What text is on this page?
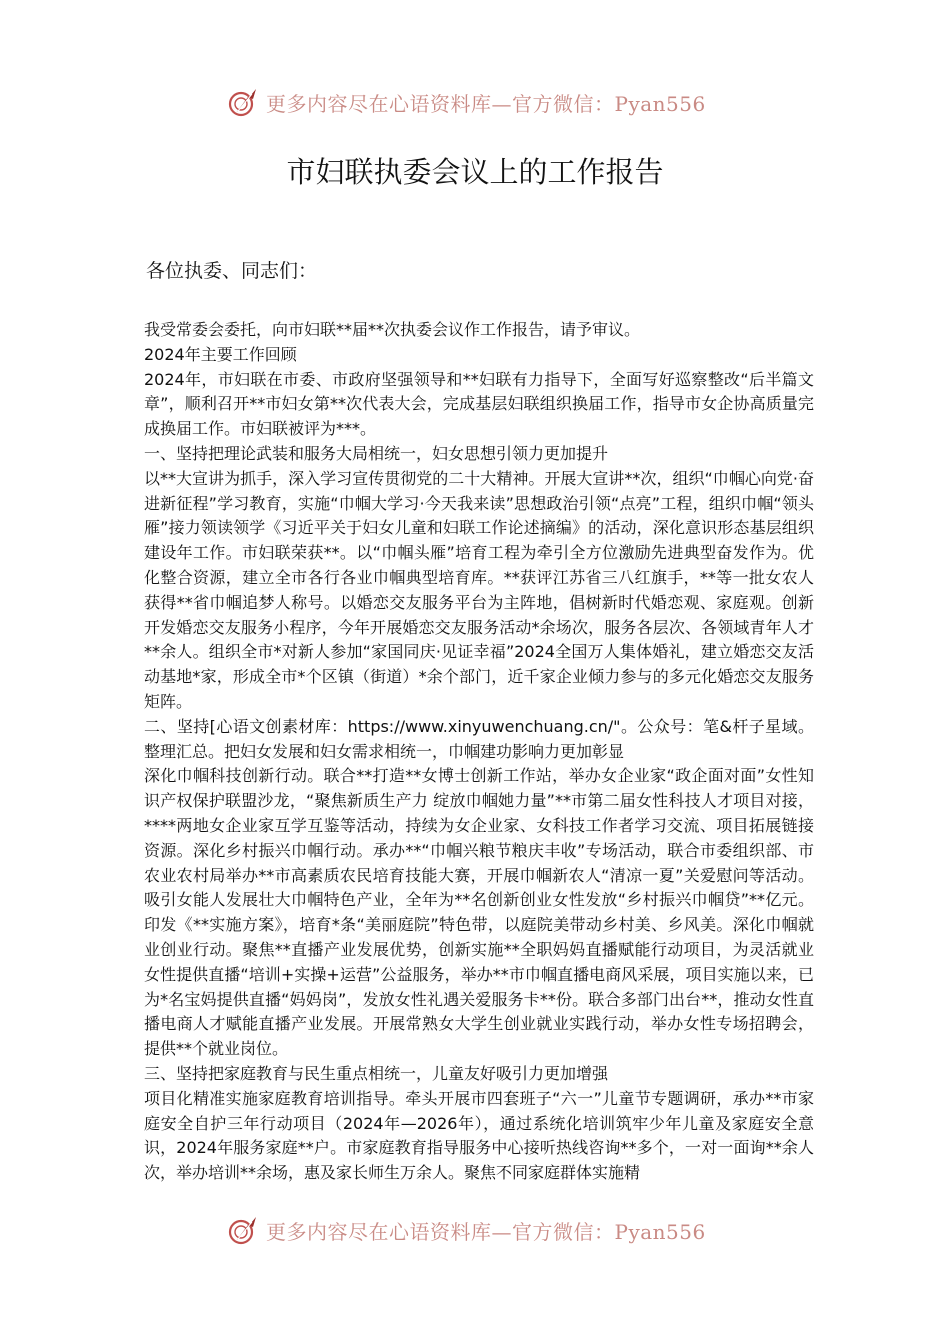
更多内容尽在心语资料库—官方微信：Pyan556
市妇联执委会议上的工作报告
各位执委、同志们：

我受常委会委托，向市妇联**届**次执委会议作工作报告，请予审议。

2024年主要工作回顾

2024年，市妇联在市委、市政府坚强领导和**妇联有力指导下，全面写好巡察整改“后半篇文章”，顺利召开**市妇女第**次代表大会，完成基层妇联组织换届工作，指导市女企协高质量完成换届工作。市妇联被评为***。

一、坚持把理论武装和服务大局相统一，妇女思想引领力更加提升

以**大宣讲为抓手，深入学习宣传贯彻党的二十大精神。开展大宣讲**次，组织“巾帼心向党·奋进新征程”学习教育，实施“巾帼大学习·今天我来读”思想政治引领“点亮”工程，组织巾帼“领头雁”接力领读领学《习近平关于妇女儿童和妇联工作论述摘编》的活动，深化意识形态基层组织建设年工作。市妇联荣获**。以“巾帼头雁”培育工程为牵引全方位激励先进典型奋发作为。优化整合资源，建立全市各行各业巾帼典型培育库。**获评江苏省三八红旗手，**等一批女农人获得**省巾帼追梦人称号。以婚恋交友服务平台为主阵地，倡树新时代婚恋观、家庭观。创新开发婚恋交友服务小程序，今年开展婚恋交友服务活动*余场次，服务各层次、各领域青年人才**余人。组织全市*对新人参加“家国同庆·见证幸福”2024全国万人集体婚礼，建立婚恋交友活动基地*家，形成全市*个区镇（街道）*余个部门，近千家企业倾力参与的多元化婚恋交友服务矩阵。

二、坚持[心语文创素材库：https://www.xinyuwenchuang.cn/"。公众号：笔&杆子星域。整理汇总。把妇女发展和妇女需求相统一，巾帼建功影响力更加彰显

深化巾帼科技创新行动。联合**打造**女博士创新工作站，举办女企业家“政企面对面”女性知识产权保护联盟沙龙，“聚焦新质生产力 绽放巾帼她力量”**市第二届女性科技人才项目对接，****两地女企业家互学互鉴等活动，持续为女企业家、女科技工作者学习交流、项目拓展链接资源。深化乡村振兴巾帼行动。承办**“巾帼兴粮节粮庆丰收”专场活动，联合市委组织部、市农业农村局举办**市高素质农民培育技能大赛，开展巾帼新农人“清凉一夏”关爱慰问等活动。吸引女能人发展壮大巾帼特色产业，全年为**名创新创业女性发放“乡村振兴巾帼贷”**亿元。印发《**实施方案》，培育*条“美丽庭院”特色带，以庭院美带动乡村美、乡风美。深化巾帼就业创业行动。聚焦**直播产业发展优势，创新实施**全职妈妈直播赋能行动项目，为灵活就业女性提供直播“培训+实操+运营”公益服务，举办**市巾帼直播电商风采展，项目实施以来，已为*名宝妈提供直播“妈妈岗”，发放女性礼遇关爱服务卡**份。联合多部门出台**，推动女性直播电商人才赋能直播产业发展。开展常熟女大学生创业就业实践行动，举办女性专场招聘会，提供**个就业岗位。

三、坚持把家庭教育与民生重点相统一，儿童友好吸引力更加增强

项目化精准实施家庭教育培训指导。牵头开展市四套班子“六一”儿童节专题调研，承办**市家庭安全自护三年行动项目（2024年—2026年），通过系统化培训筑牢少年儿童及家庭安全意识，2024年服务家庭**户。市家庭教育指导服务中心接听热线咨询**多个，一对一面询**余人次，举办培训**余场，惠及家长师生万余人。聚焦不同家庭群体实施精

更多内容尽在心语资料库—官方微信：Pyan556
